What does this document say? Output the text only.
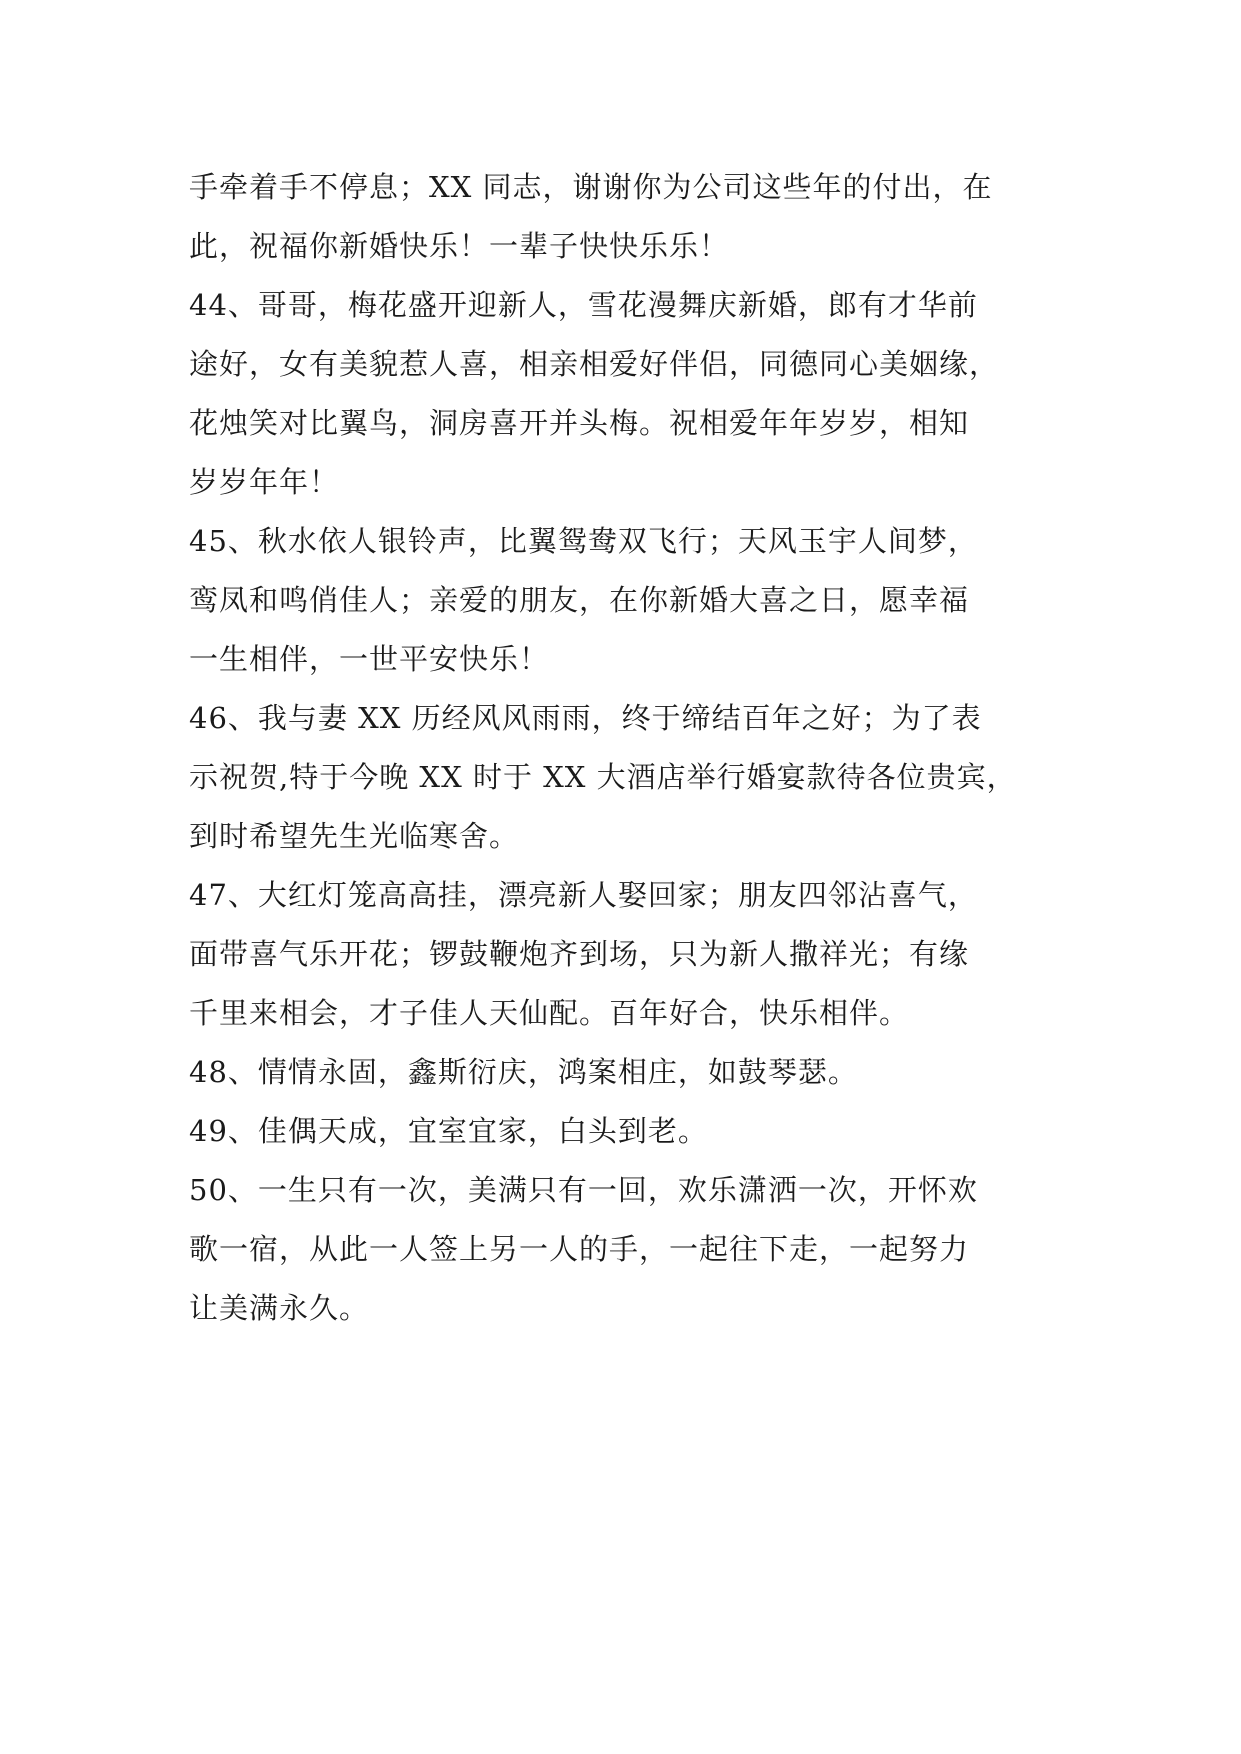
手牵着手不停息；XX 同志，谢谢你为公司这些年的付出，在
此，祝福你新婚快乐！一辈子快快乐乐！
44、哥哥，梅花盛开迎新人，雪花漫舞庆新婚，郎有才华前
途好，女有美貌惹人喜，相亲相爱好伴侣，同德同心美姻缘，
花烛笑对比翼鸟，洞房喜开并头梅。祝相爱年年岁岁，相知
岁岁年年！
45、秋水依人银铃声，比翼鸳鸯双飞行；天风玉宇人间梦，
鸾凤和鸣俏佳人；亲爱的朋友，在你新婚大喜之日，愿幸福
一生相伴，一世平安快乐！
46、我与妻 XX 历经风风雨雨，终于缔结百年之好；为了表
示祝贺,特于今晚 XX 时于 XX 大酒店举行婚宴款待各位贵宾，
到时希望先生光临寒舍。
47、大红灯笼高高挂，漂亮新人娶回家；朋友四邻沾喜气，
面带喜气乐开花；锣鼓鞭炮齐到场，只为新人撒祥光；有缘
千里来相会，才子佳人天仙配。百年好合，快乐相伴。
48、情情永固，鑫斯衍庆，鸿案相庄，如鼓琴瑟。
49、佳偶天成，宜室宜家，白头到老。
50、一生只有一次，美满只有一回，欢乐潇洒一次，开怀欢
歌一宿，从此一人签上另一人的手，一起往下走，一起努力
让美满永久。
